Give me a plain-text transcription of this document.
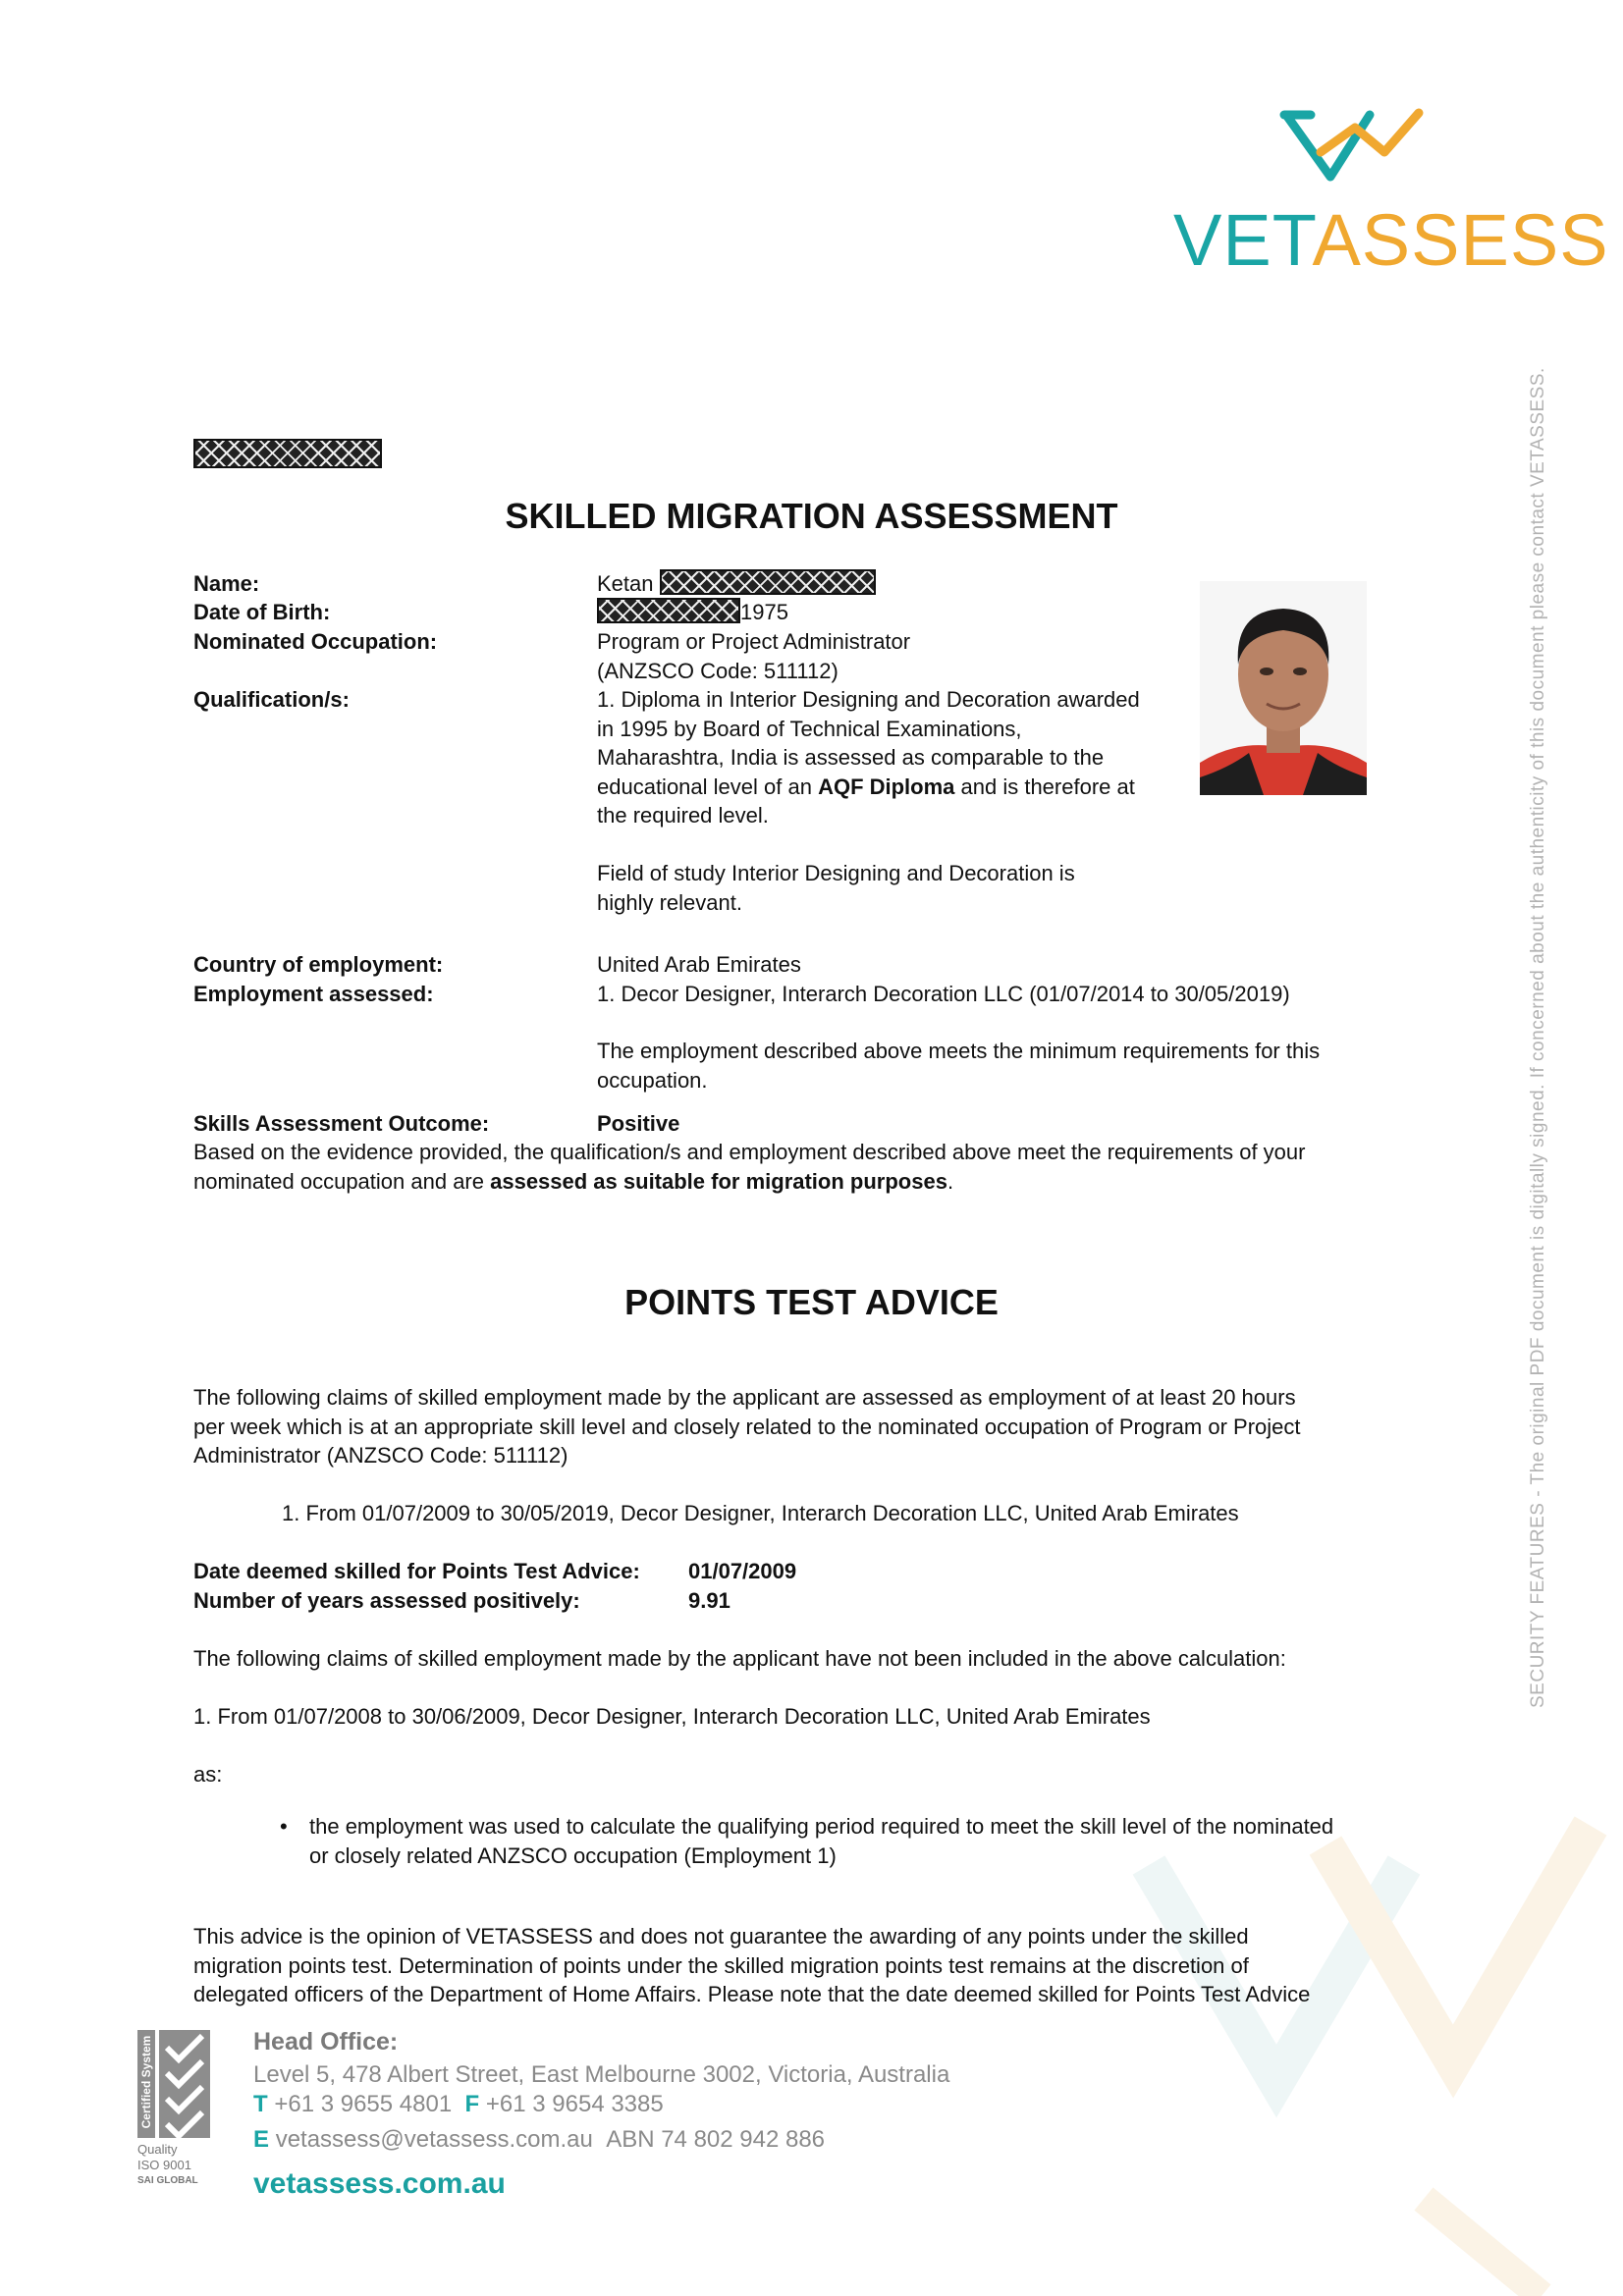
VETASSESS
SKILLED MIGRATION ASSESSMENT
Name:
Date of Birth:
Nominated Occupation:
Qualification/s:
Ketan
1975
Program or Project Administrator
(ANZSCO Code: 511112)
1. Diploma in Interior Designing and Decoration awarded
in 1995 by Board of Technical Examinations,
Maharashtra, India is assessed as comparable to the
educational level of an AQF Diploma and is therefore at
the required level.
Field of study Interior Designing and Decoration is
highly relevant.
Country of employment:
Employment assessed:
United Arab Emirates
1. Decor Designer, Interarch Decoration LLC (01/07/2014 to 30/05/2019)
The employment described above meets the minimum requirements for this
occupation.
Skills Assessment Outcome:	Positive
Based on the evidence provided, the qualification/s and employment described above meet the requirements of your
nominated occupation and are assessed as suitable for migration purposes.
POINTS TEST ADVICE
The following claims of skilled employment made by the applicant are assessed as employment of at least 20 hours
per week which is at an appropriate skill level and closely related to the nominated occupation of Program or Project
Administrator (ANZSCO Code: 511112)
1. From 01/07/2009 to 30/05/2019, Decor Designer, Interarch Decoration LLC, United Arab Emirates
Date deemed skilled for Points Test Advice: 01/07/2009
Number of years assessed positively:	9.91
The following claims of skilled employment made by the applicant have not been included in the above calculation:
1. From 01/07/2008 to 30/06/2009, Decor Designer, Interarch Decoration LLC, United Arab Emirates
as:
• the employment was used to calculate the qualifying period required to meet the skill level of the nominated
or closely related ANZSCO occupation (Employment 1)
This advice is the opinion of VETASSESS and does not guarantee the awarding of any points under the skilled
migration points test. Determination of points under the skilled migration points test remains at the discretion of
delegated officers of the Department of Home Affairs. Please note that the date deemed skilled for Points Test Advice
SECURITY FEATURES - The original PDF document is digitally signed. If concerned about the authenticity of this document please contact VETASSESS.
Certified System
Quality
ISO 9001
SAI GLOBAL
Head Office:
Level 5, 478 Albert Street, East Melbourne 3002, Victoria, Australia
T +61 3 9655 4801 F +61 3 9654 3385
E vetassess@vetassess.com.au ABN 74 802 942 886
vetassess.com.au
